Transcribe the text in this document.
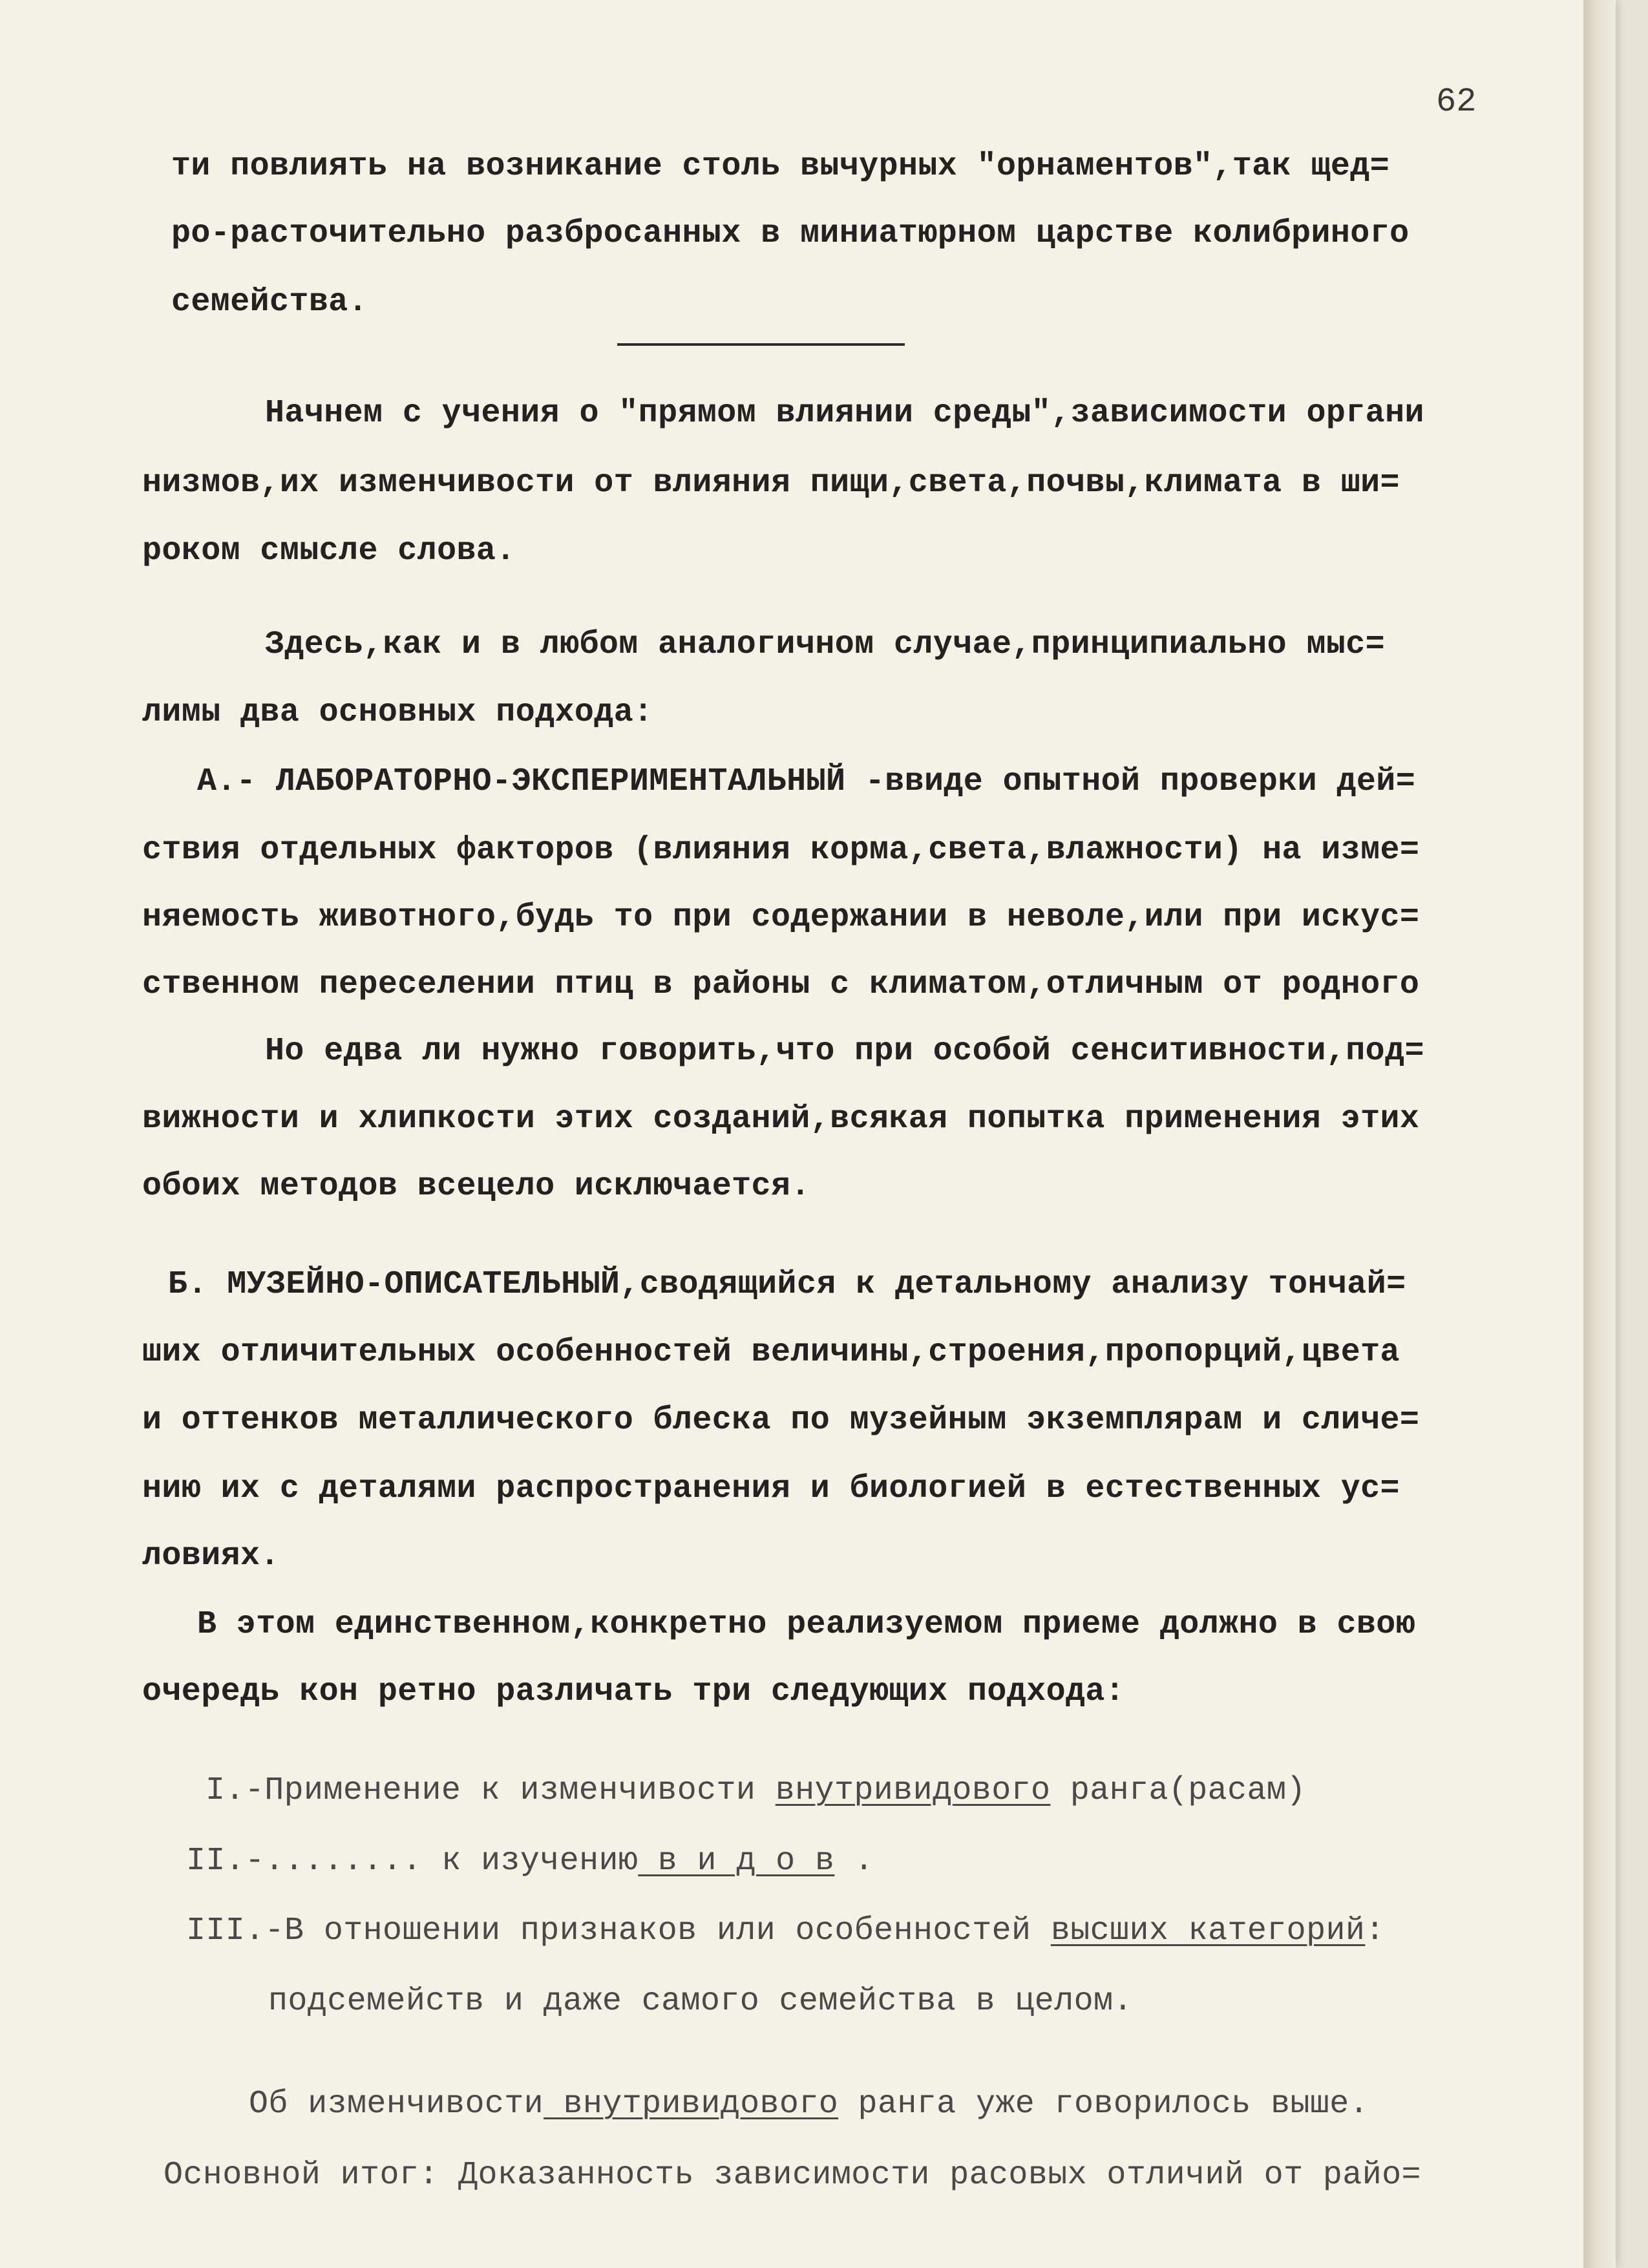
62
ти повлиять на возникание столь вычурных "орнаментов",так щед=
ро-расточительно разбросанных в миниатюрном царстве колибриного
семейства.
Начнем с учения о "прямом влиянии среды",зависимости органи
низмов,их изменчивости от влияния пищи,света,почвы,климата в ши=
роком смысле слова.
Здесь,как и в любом аналогичном случае,принципиально мыс=
лимы два основных подхода:
А.- ЛАБОРАТОРНО-ЭКСПЕРИМЕНТАЛЬНЫЙ -ввиде опытной проверки дей=
ствия отдельных факторов (влияния корма,света,влажности) на изме=
няемость животного,будь то при содержании в неволе,или при искус=
ственном переселении птиц в районы с климатом,отличным от родного
Но едва ли нужно говорить,что при особой сенситивности,под=
вижности и хлипкости этих созданий,всякая попытка применения этих
обоих методов всецело исключается.
Б. МУЗЕЙНО-ОПИСАТЕЛЬНЫЙ,сводящийся к детальному анализу тончай=
ших отличительных особенностей величины,строения,пропорций,цвета
и оттенков металлического блеска по музейным экземплярам и сличе=
нию их с деталями распространения и биологией в естественных ус=
ловиях.
В этом единственном,конкретно реализуемом приеме должно в свою
очередь кон ретно различать три следующих подхода:
I.-Применение к изменчивости внутривидового ранга(расам)
II.-........ к изучению в и д о в .
III.-В отношении признаков или особенностей высших категорий:
подсемейств и даже самого семейства в целом.
Об изменчивости внутривидового ранга уже говорилось выше.
Основной итог: Доказанность зависимости расовых отличий от райо=
